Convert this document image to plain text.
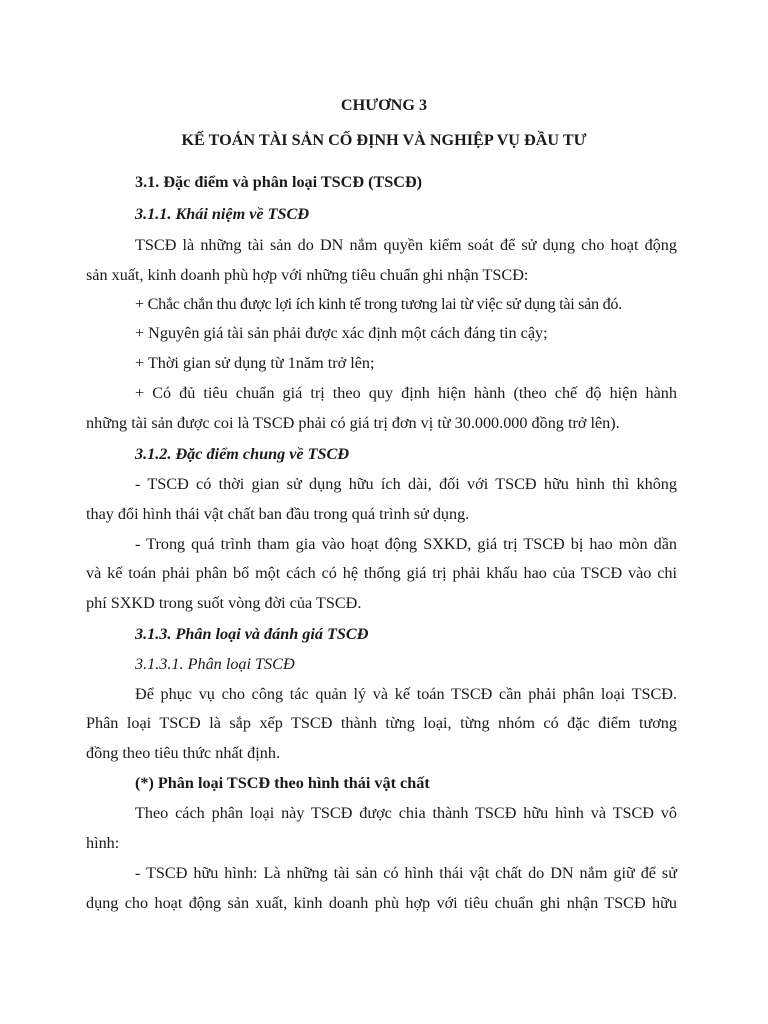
CHƯƠNG 3

KẾ TOÁN TÀI SẢN CỐ ĐỊNH VÀ NGHIỆP VỤ ĐẦU TƯ

3.1. Đặc điểm và phân loại TSCĐ (TSCĐ)

3.1.1. Khái niệm về TSCĐ

TSCĐ là những tài sản do DN nắm quyền kiểm soát để sử dụng cho hoạt động

sản xuất, kinh doanh phù hợp với những tiêu chuẩn ghi nhận TSCĐ:

+ Chắc chắn thu được lợi ích kinh tế trong tương lai từ việc sử dụng tài sản đó.

+ Nguyên giá tài sản phải được xác định một cách đáng tin cậy;

+ Thời gian sử dụng từ 1năm trở lên;

+ Có đủ tiêu chuẩn giá trị theo quy định hiện hành (theo chế độ hiện hành

những tài sản được coi là TSCĐ phải có giá trị đơn vị từ 30.000.000 đồng trở lên).

3.1.2. Đặc điểm chung về TSCĐ

- TSCĐ có thời gian sử dụng hữu ích dài, đối với TSCĐ hữu hình thì không

thay đổi hình thái vật chất ban đầu trong quá trình sử dụng.

- Trong quá trình tham gia vào hoạt động SXKD, giá trị TSCĐ bị hao mòn dần

và kế toán phải phân bổ một cách có hệ thống giá trị phải khấu hao của TSCĐ vào chi

phí SXKD trong suốt vòng đời của TSCĐ.

3.1.3. Phân loại và đánh giá TSCĐ

3.1.3.1. Phân loại TSCĐ

Để phục vụ cho công tác quản lý và kế toán TSCĐ cần phải phân loại TSCĐ.

Phân loại TSCĐ là sắp xếp TSCĐ thành từng loại, từng nhóm có đặc điểm tương

đồng theo tiêu thức nhất định.

(*) Phân loại TSCĐ theo hình thái vật chất

Theo cách phân loại này TSCĐ được chia thành TSCĐ hữu hình và TSCĐ vô

hình:

- TSCĐ hữu hình: Là những tài sản có hình thái vật chất do DN nắm giữ để sử

dụng cho hoạt động sản xuất, kinh doanh phù hợp với tiêu chuẩn ghi nhận TSCĐ hữu
